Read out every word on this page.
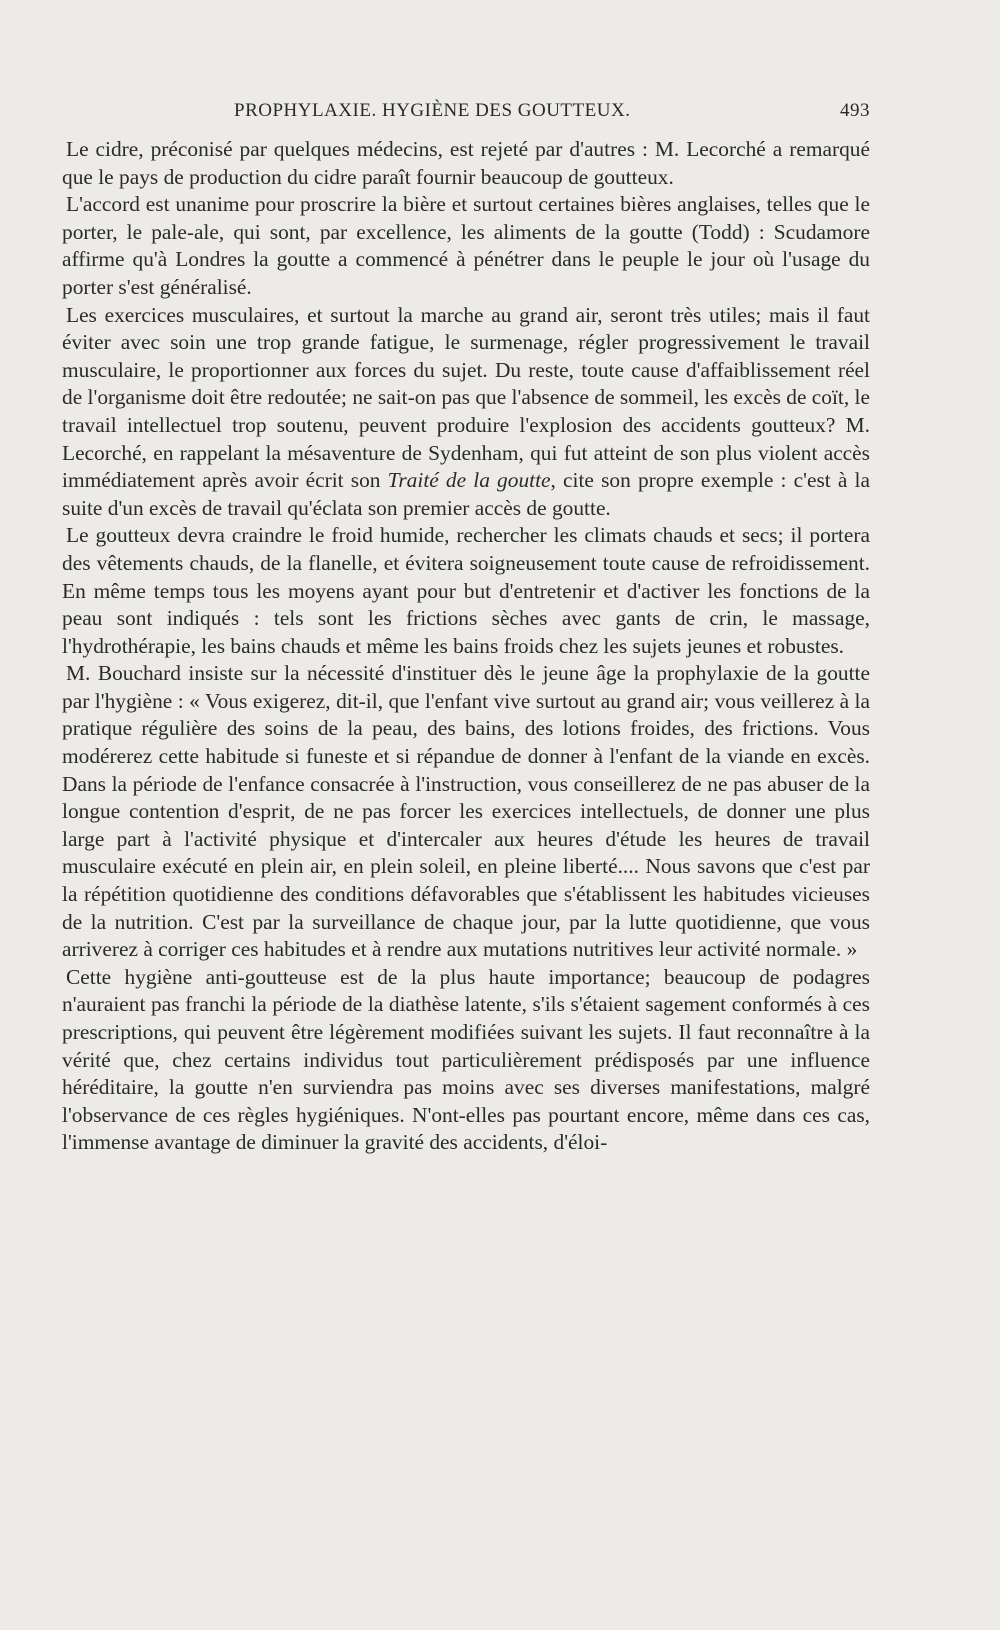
PROPHYLAXIE. HYGIÈNE DES GOUTTEUX.	493

Le cidre, préconisé par quelques médecins, est rejeté par d'autres : M. Lecorché a remarqué que le pays de production du cidre paraît fournir beaucoup de goutteux.

L'accord est unanime pour proscrire la bière et surtout certaines bières anglaises, telles que le porter, le pale-ale, qui sont, par excellence, les aliments de la goutte (Todd) : Scudamore affirme qu'à Londres la goutte a commencé à pénétrer dans le peuple le jour où l'usage du porter s'est généralisé.

Les exercices musculaires, et surtout la marche au grand air, seront très utiles; mais il faut éviter avec soin une trop grande fatigue, le surmenage, régler progressivement le travail musculaire, le proportionner aux forces du sujet. Du reste, toute cause d'affaiblissement réel de l'organisme doit être redoutée; ne sait-on pas que l'absence de sommeil, les excès de coït, le travail intellectuel trop soutenu, peuvent produire l'explosion des accidents goutteux? M. Lecorché, en rappelant la mésaventure de Sydenham, qui fut atteint de son plus violent accès immédiatement après avoir écrit son Traité de la goutte, cite son propre exemple : c'est à la suite d'un excès de travail qu'éclata son premier accès de goutte.

Le goutteux devra craindre le froid humide, rechercher les climats chauds et secs; il portera des vêtements chauds, de la flanelle, et évitera soigneusement toute cause de refroidissement. En même temps tous les moyens ayant pour but d'entretenir et d'activer les fonctions de la peau sont indiqués : tels sont les frictions sèches avec gants de crin, le massage, l'hydrothérapie, les bains chauds et même les bains froids chez les sujets jeunes et robustes.

M. Bouchard insiste sur la nécessité d'instituer dès le jeune âge la prophylaxie de la goutte par l'hygiène : « Vous exigerez, dit-il, que l'enfant vive surtout au grand air; vous veillerez à la pratique régulière des soins de la peau, des bains, des lotions froides, des frictions. Vous modérerez cette habitude si funeste et si répandue de donner à l'enfant de la viande en excès. Dans la période de l'enfance consacrée à l'instruction, vous conseillerez de ne pas abuser de la longue contention d'esprit, de ne pas forcer les exercices intellectuels, de donner une plus large part à l'activité physique et d'intercaler aux heures d'étude les heures de travail musculaire exécuté en plein air, en plein soleil, en pleine liberté.... Nous savons que c'est par la répétition quotidienne des conditions défavorables que s'établissent les habitudes vicieuses de la nutrition. C'est par la surveillance de chaque jour, par la lutte quotidienne, que vous arriverez à corriger ces habitudes et à rendre aux mutations nutritives leur activité normale. »

Cette hygiène anti-goutteuse est de la plus haute importance; beaucoup de podagres n'auraient pas franchi la période de la diathèse latente, s'ils s'étaient sagement conformés à ces prescriptions, qui peuvent être légèrement modifiées suivant les sujets. Il faut reconnaître à la vérité que, chez certains individus tout particulièrement prédisposés par une influence héréditaire, la goutte n'en surviendra pas moins avec ses diverses manifestations, malgré l'observance de ces règles hygiéniques. N'ont-elles pas pourtant encore, même dans ces cas, l'immense avantage de diminuer la gravité des accidents, d'éloi-
